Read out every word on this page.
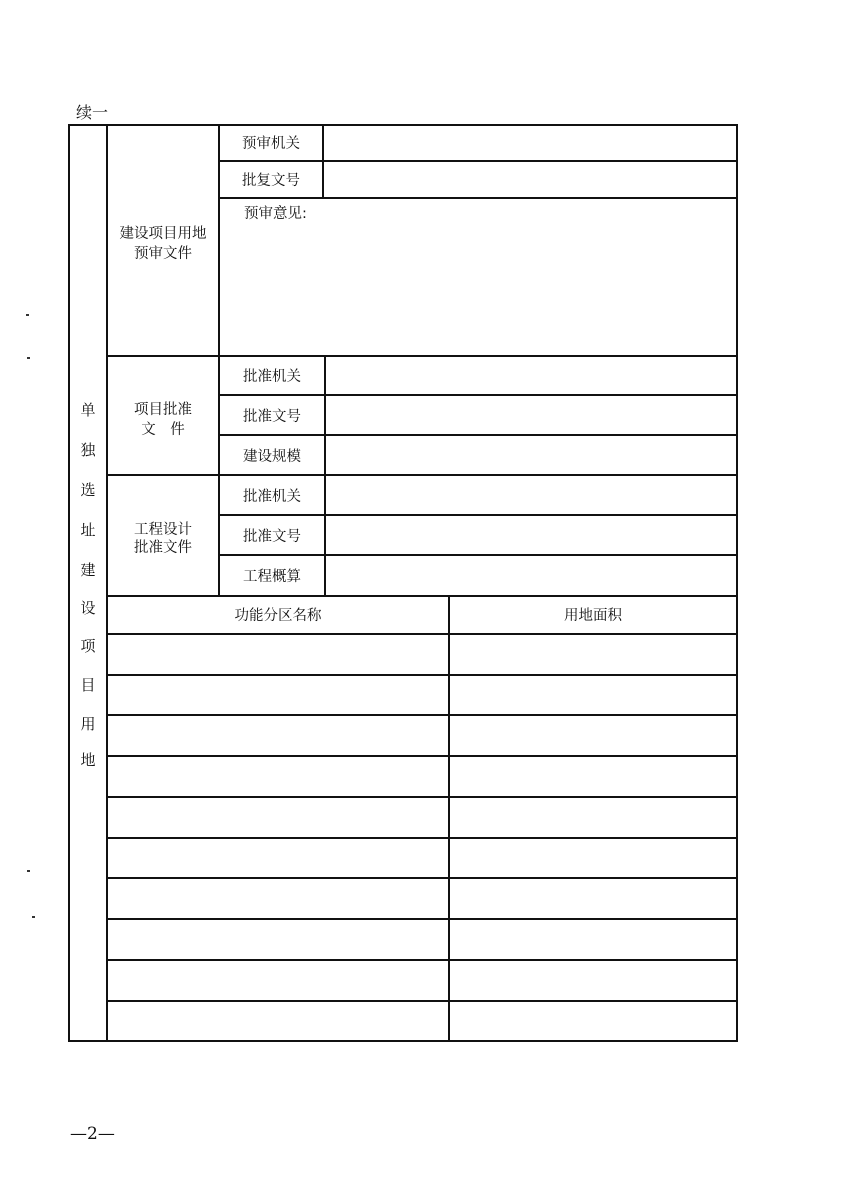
续一
单
独
选
址
建
设
项
目
用
地
建设项目用地
预审文件
项目批准
文　件
工程设计
批准文件
预审机关
批复文号
预审意见:
批准机关
批准文号
建设规模
批准机关
批准文号
工程概算
功能分区名称	用地面积
—2—
